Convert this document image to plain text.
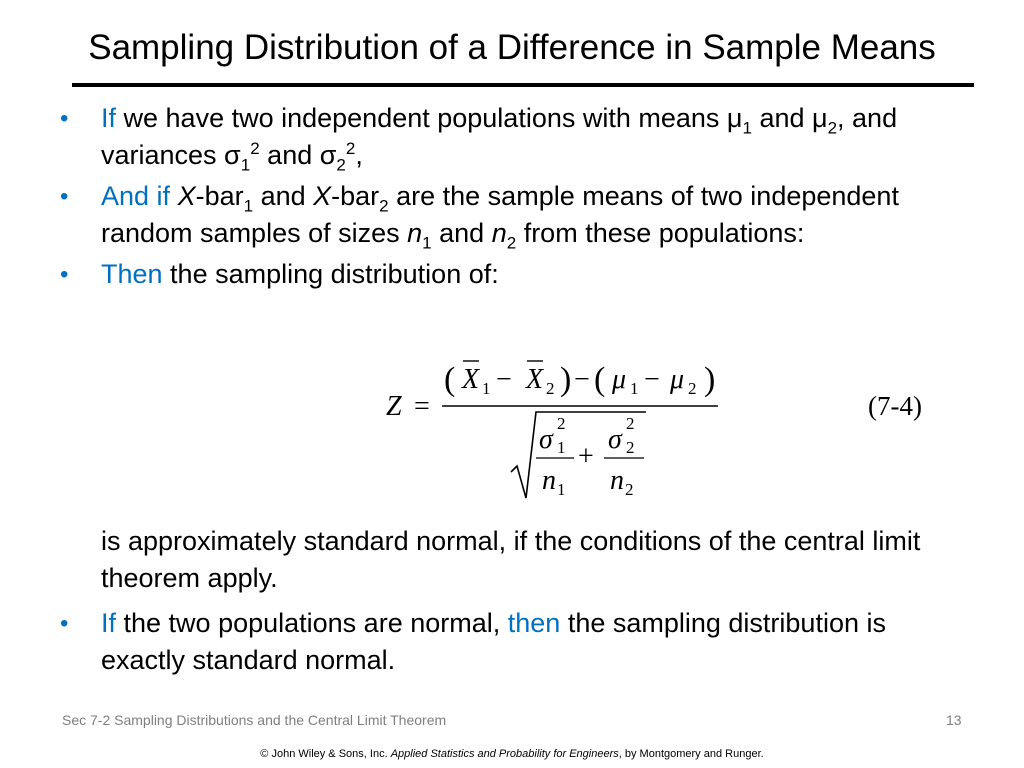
Sampling Distribution of a Difference in Sample Means
• If we have two independent populations with means $\mu_1$ and $\mu_2$, and variances $\sigma_1^2$ and $\sigma_2^2$,
• And if X-bar$_1$ and X-bar$_2$ are the sample means of two independent random samples of sizes $n_1$ and $n_2$ from these populations:
• Then the sampling distribution of:
Z =
( X 1 − X 2 ) − ( μ 1 − μ 2 )
σ
2
1
n 1
+
σ
2
2
n 2
(7-4)
is approximately standard normal, if the conditions of the central limit theorem apply.
• If the two populations are normal, then the sampling distribution is exactly standard normal.
Sec 7-2 Sampling Distributions and the Central Limit Theorem	13
© John Wiley & Sons, Inc. Applied Statistics and Probability for Engineers, by Montgomery and Runger.
